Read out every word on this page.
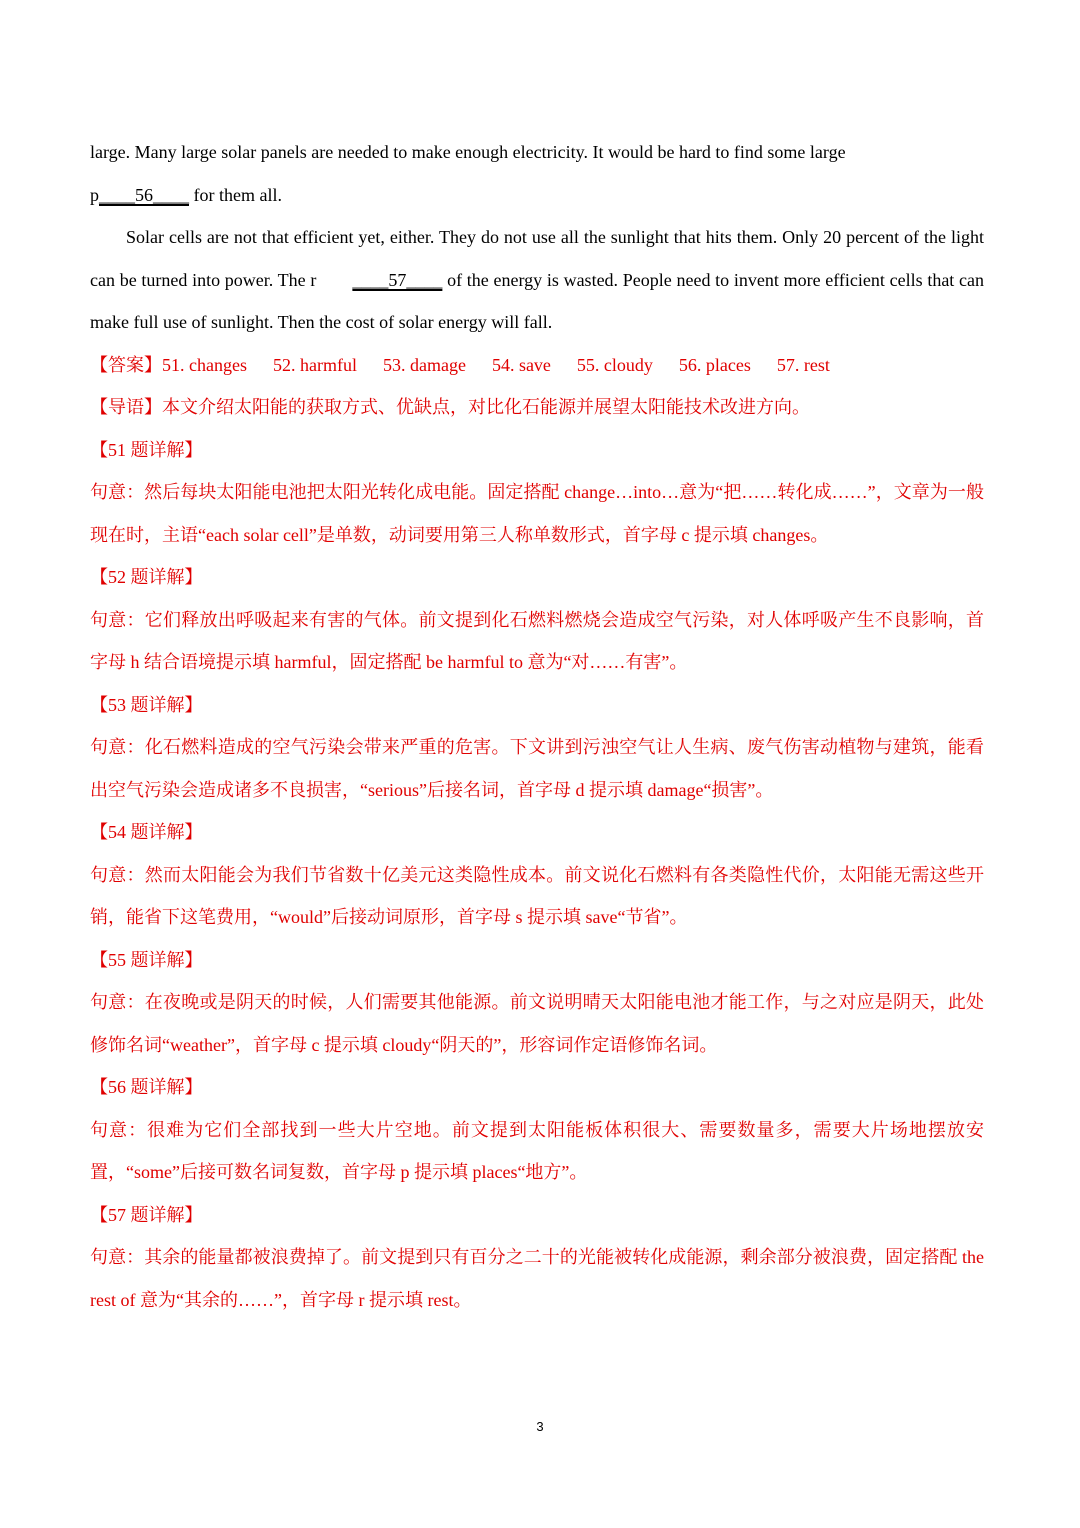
large. Many large solar panels are needed to make enough electricity. It would be hard to find some large
p____56____ for them all.

Solar cells are not that efficient yet, either. They do not use all the sunlight that hits them. Only 20 percent of the light can be turned into power. The r ____57____ of the energy is wasted. People need to invent more efficient cells that can make full use of sunlight. Then the cost of solar energy will fall.

【答案】51. changes 52. harmful 53. damage 54. save 55. cloudy 56. places 57. rest

【导语】本文介绍太阳能的获取方式、优缺点，对比化石能源并展望太阳能技术改进方向。

【51 题详解】

句意：然后每块太阳能电池把太阳光转化成电能。固定搭配 change…into…意为“把……转化成……”，文章为一般现在时，主语“each solar cell”是单数，动词要用第三人称单数形式，首字母 c 提示填 changes。

【52 题详解】

句意：它们释放出呼吸起来有害的气体。前文提到化石燃料燃烧会造成空气污染，对人体呼吸产生不良影响，首字母 h 结合语境提示填 harmful，固定搭配 be harmful to 意为“对……有害”。

【53 题详解】

句意：化石燃料造成的空气污染会带来严重的危害。下文讲到污浊空气让人生病、废气伤害动植物与建筑，能看出空气污染会造成诸多不良损害，“serious”后接名词，首字母 d 提示填 damage“损害”。

【54 题详解】

句意：然而太阳能会为我们节省数十亿美元这类隐性成本。前文说化石燃料有各类隐性代价，太阳能无需这些开销，能省下这笔费用，“would”后接动词原形，首字母 s 提示填 save“节省”。

【55 题详解】

句意：在夜晚或是阴天的时候，人们需要其他能源。前文说明晴天太阳能电池才能工作，与之对应是阴天，此处修饰名词“weather”，首字母 c 提示填 cloudy“阴天的”，形容词作定语修饰名词。

【56 题详解】

句意：很难为它们全部找到一些大片空地。前文提到太阳能板体积很大、需要数量多，需要大片场地摆放安置，“some”后接可数名词复数，首字母 p 提示填 places“地方”。

【57 题详解】

句意：其余的能量都被浪费掉了。前文提到只有百分之二十的光能被转化成能源，剩余部分被浪费，固定搭配 the rest of 意为“其余的……”，首字母 r 提示填 rest。

3
